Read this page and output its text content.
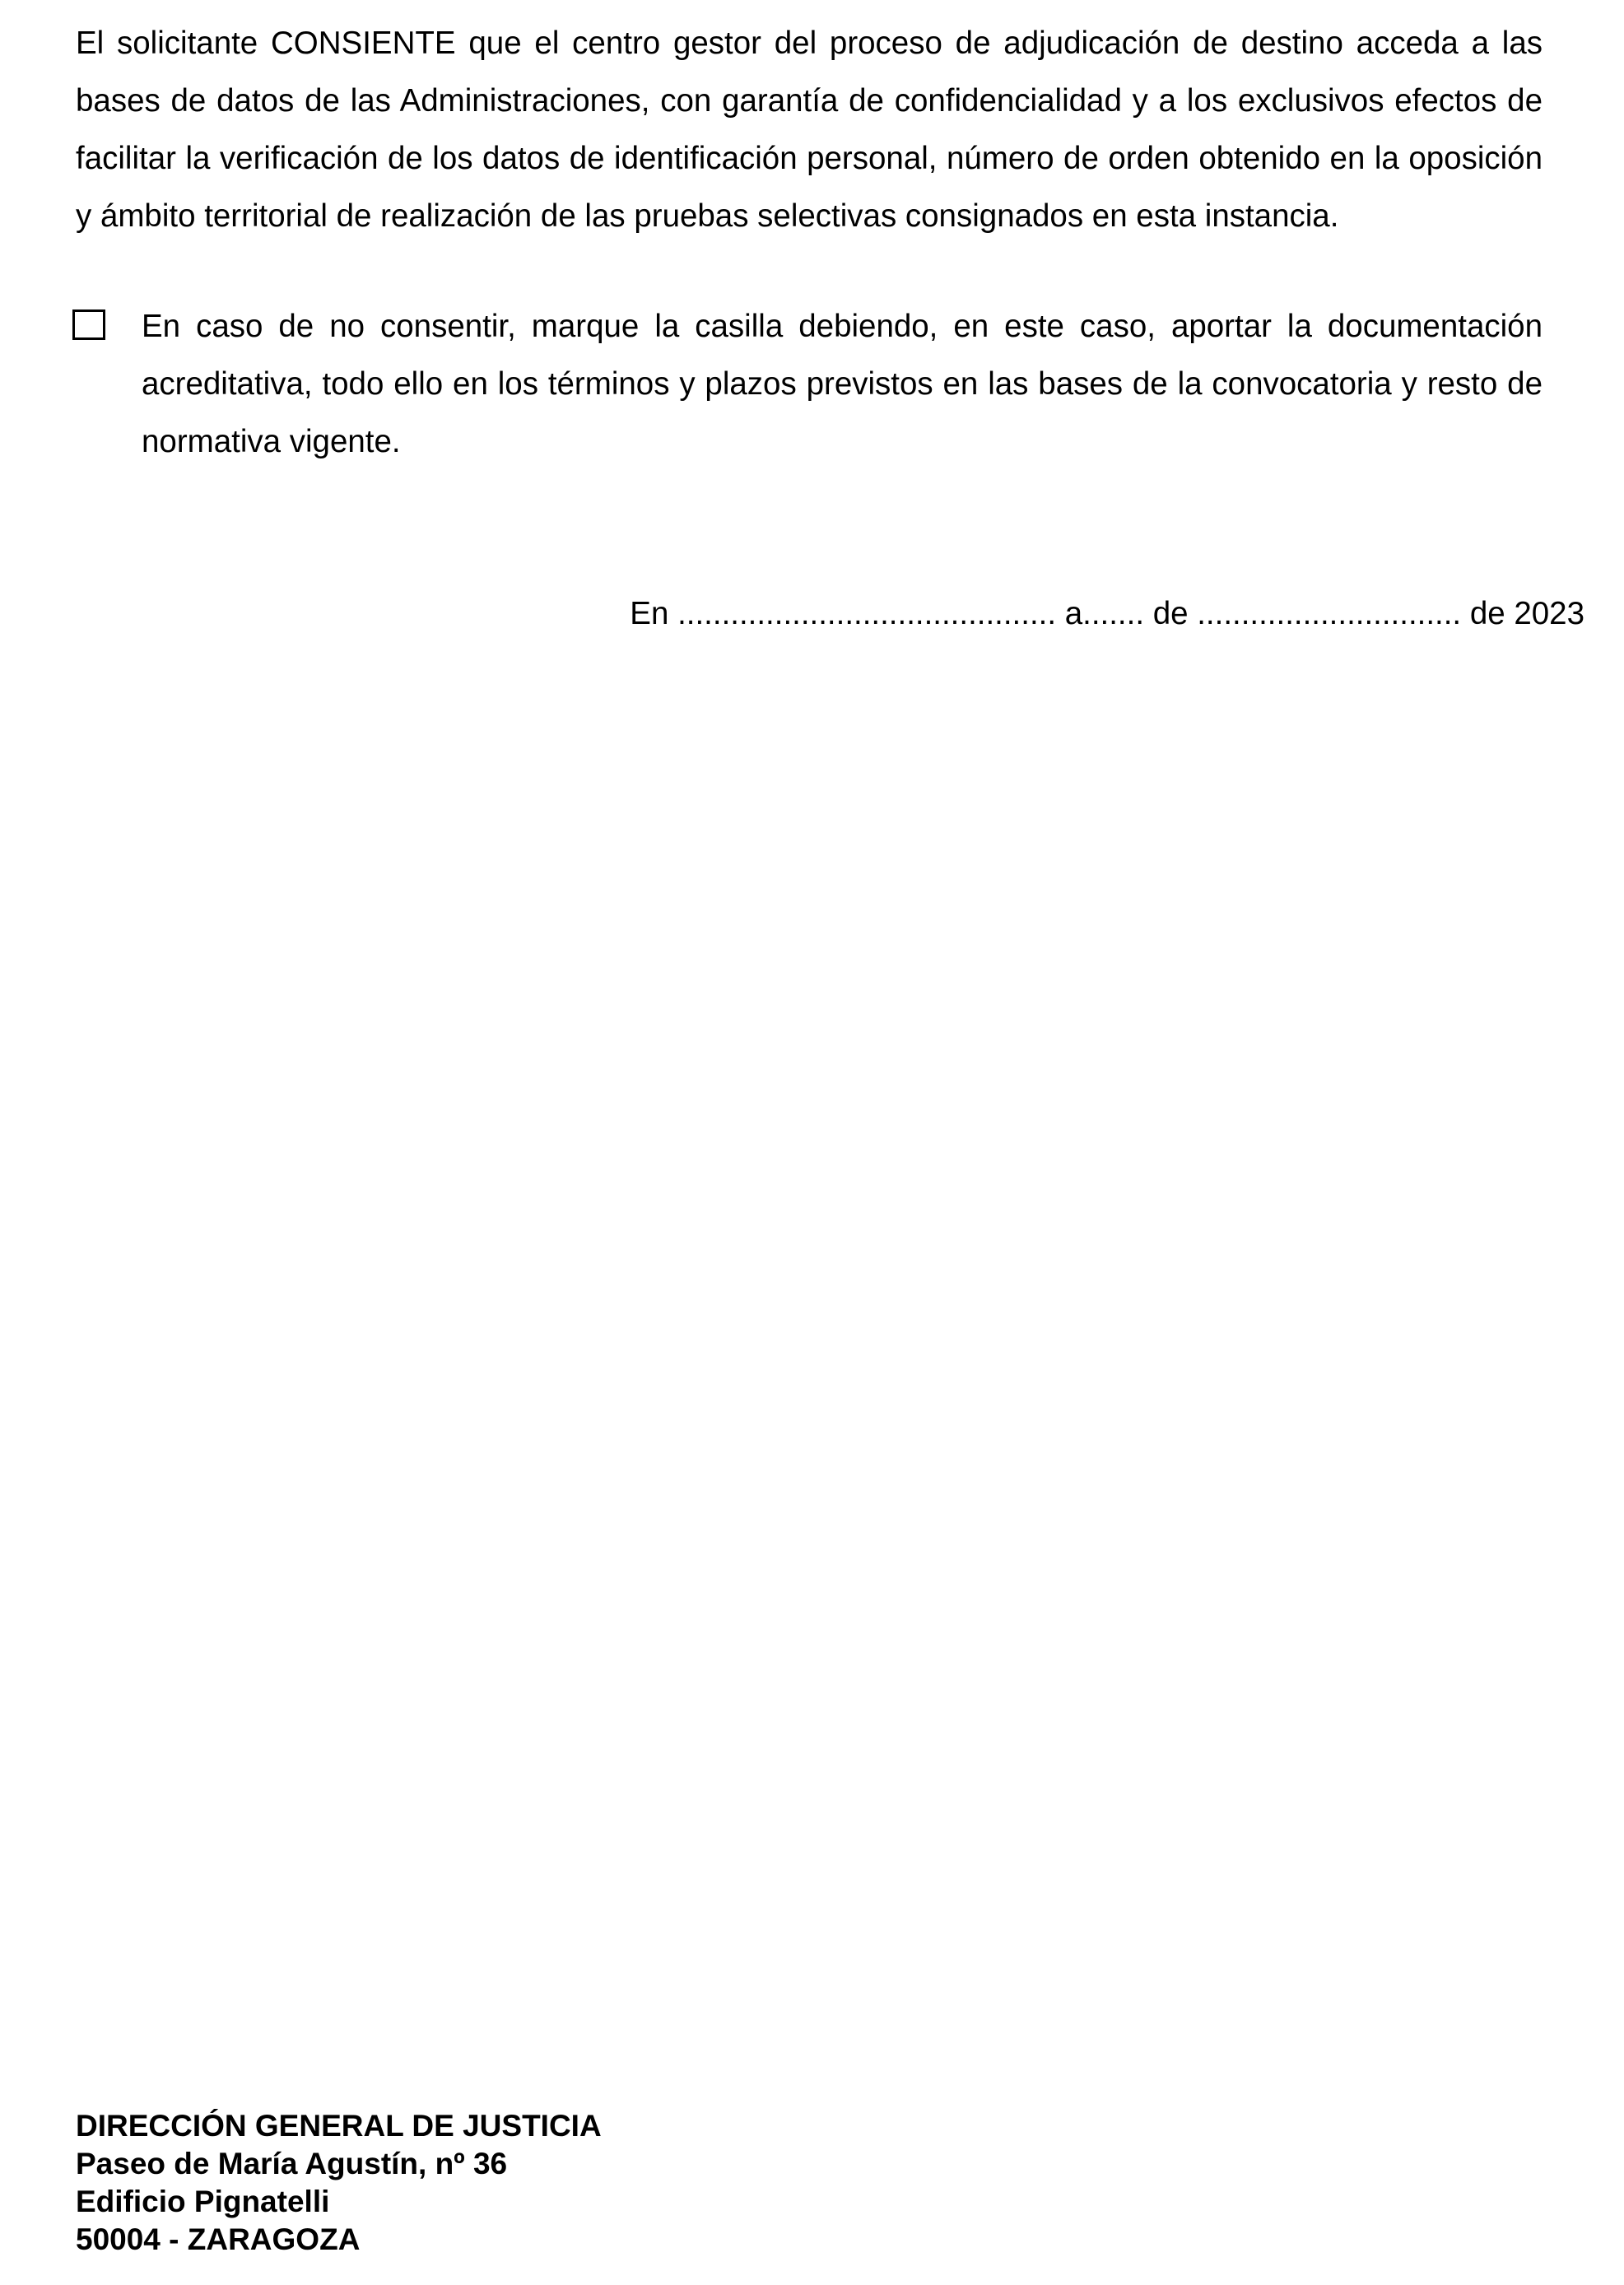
El solicitante CONSIENTE que el centro gestor del proceso de adjudicación de destino acceda a las bases de datos de las Administraciones, con garantía de confidencialidad y a los exclusivos efectos de facilitar la verificación de los datos de identificación personal, número de orden obtenido en la oposición y ámbito territorial de realización de las pruebas selectivas consignados en esta instancia.

En caso de no consentir, marque la casilla debiendo, en este caso, aportar la documentación acreditativa, todo ello en los términos y plazos previstos en las bases de la convocatoria y resto de normativa vigente.

En ........................................... a....... de .............................. de 2023

DIRECCIÓN GENERAL DE JUSTICIA
Paseo de María Agustín, nº 36
Edificio Pignatelli
50004 - ZARAGOZA
